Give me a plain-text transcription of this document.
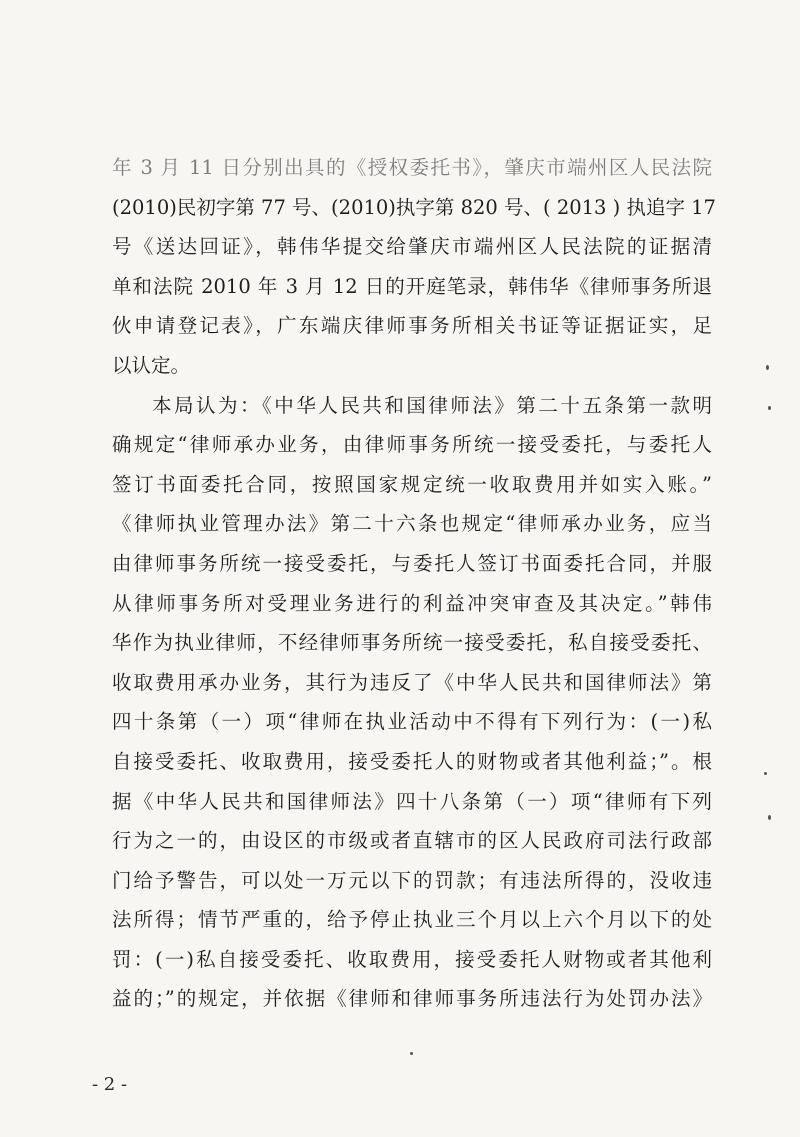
年 3 月 11 日分别出具的《授权委托书》，肇庆市端州区人民法院
(2010)民初字第 77 号、(2010)执字第 820 号、( 2013 ) 执追字 17
号《送达回证》，韩伟华提交给肇庆市端州区人民法院的证据清
单和法院 2010 年 3 月 12 日的开庭笔录，韩伟华《律师事务所退
伙申请登记表》，广东端庆律师事务所相关书证等证据证实，足
以认定。
本局认为：《中华人民共和国律师法》第二十五条第一款明
确规定“律师承办业务，由律师事务所统一接受委托，与委托人
签订书面委托合同，按照国家规定统一收取费用并如实入账。”
《律师执业管理办法》第二十六条也规定“律师承办业务，应当
由律师事务所统一接受委托，与委托人签订书面委托合同，并服
从律师事务所对受理业务进行的利益冲突审查及其决定。”韩伟
华作为执业律师，不经律师事务所统一接受委托，私自接受委托、
收取费用承办业务，其行为违反了《中华人民共和国律师法》第
四十条第（一）项“律师在执业活动中不得有下列行为：(一)私
自接受委托、收取费用，接受委托人的财物或者其他利益；”。根
据《中华人民共和国律师法》四十八条第（一）项“律师有下列
行为之一的，由设区的市级或者直辖市的区人民政府司法行政部
门给予警告，可以处一万元以下的罚款；有违法所得的，没收违
法所得；情节严重的，给予停止执业三个月以上六个月以下的处
罚：(一)私自接受委托、收取费用，接受委托人财物或者其他利
益的；”的规定，并依据《律师和律师事务所违法行为处罚办法》
- 2 -
